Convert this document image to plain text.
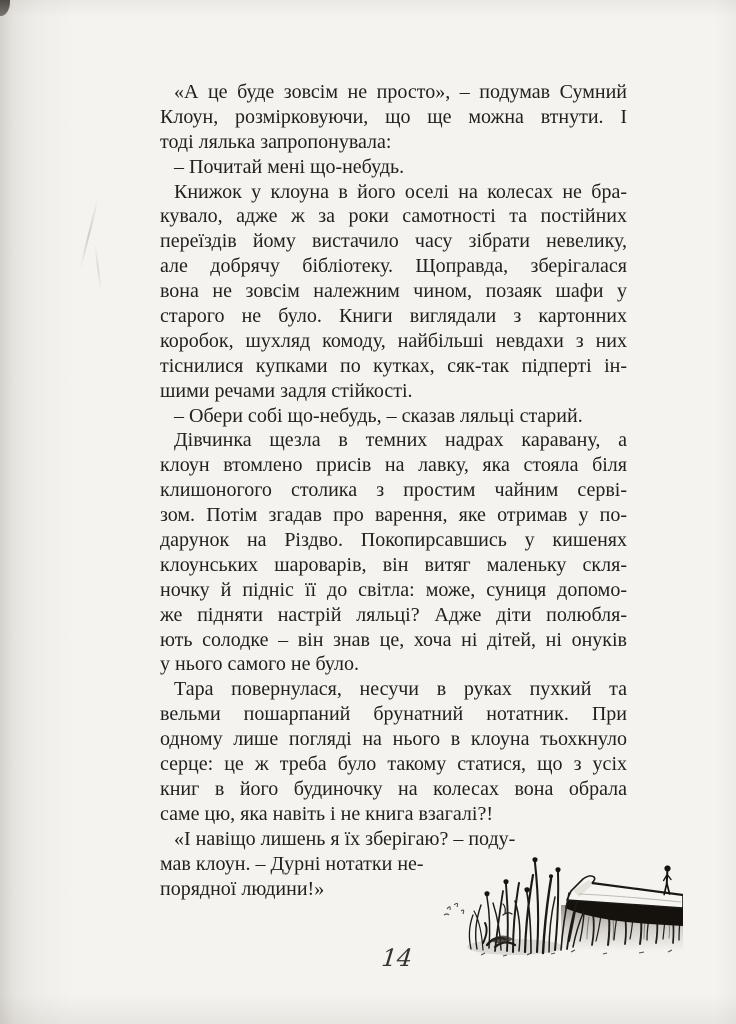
«А це буде зовсім не просто», – подумав Сумний
Клоун, розмірковуючи, що ще можна втнути. І
тоді лялька запропонувала:
– Почитай мені що-небудь.
Книжок у клоуна в його оселі на колесах не бра-
кувало, адже ж за роки самотності та постійних
переїздів йому вистачило часу зібрати невелику,
але добрячу бібліотеку. Щоправда, зберігалася
вона не зовсім належним чином, позаяк шафи у
старого не було. Книги виглядали з картонних
коробок, шухляд комоду, найбільші невдахи з них
тіснилися купками по кутках, сяк-так підперті ін-
шими речами задля стійкості.
– Обери собі що-небудь, – сказав ляльці старий.
Дівчинка щезла в темних надрах каравану, а
клоун втомлено присів на лавку, яка стояла біля
клишоногого столика з простим чайним серві-
зом. Потім згадав про варення, яке отримав у по-
дарунок на Різдво. Покопирсавшись у кишенях
клоунських шароварів, він витяг маленьку скля-
ночку й підніс її до світла: може, суниця допомо-
же підняти настрій ляльці? Адже діти полюбля-
ють солодке – він знав це, хоча ні дітей, ні онуків
у нього самого не було.
Тара повернулася, несучи в руках пухкий та
вельми пошарпаний брунатний нотатник. При
одному лише погляді на нього в клоуна тьохкнуло
серце: це ж треба було такому статися, що з усіх
книг в його будиночку на колесах вона обрала
саме цю, яка навіть і не книга взагалі?!
«І навіщо лишень я їх зберігаю? – поду-
мав клоун. – Дурні нотатки не-
порядної людини!»
14
